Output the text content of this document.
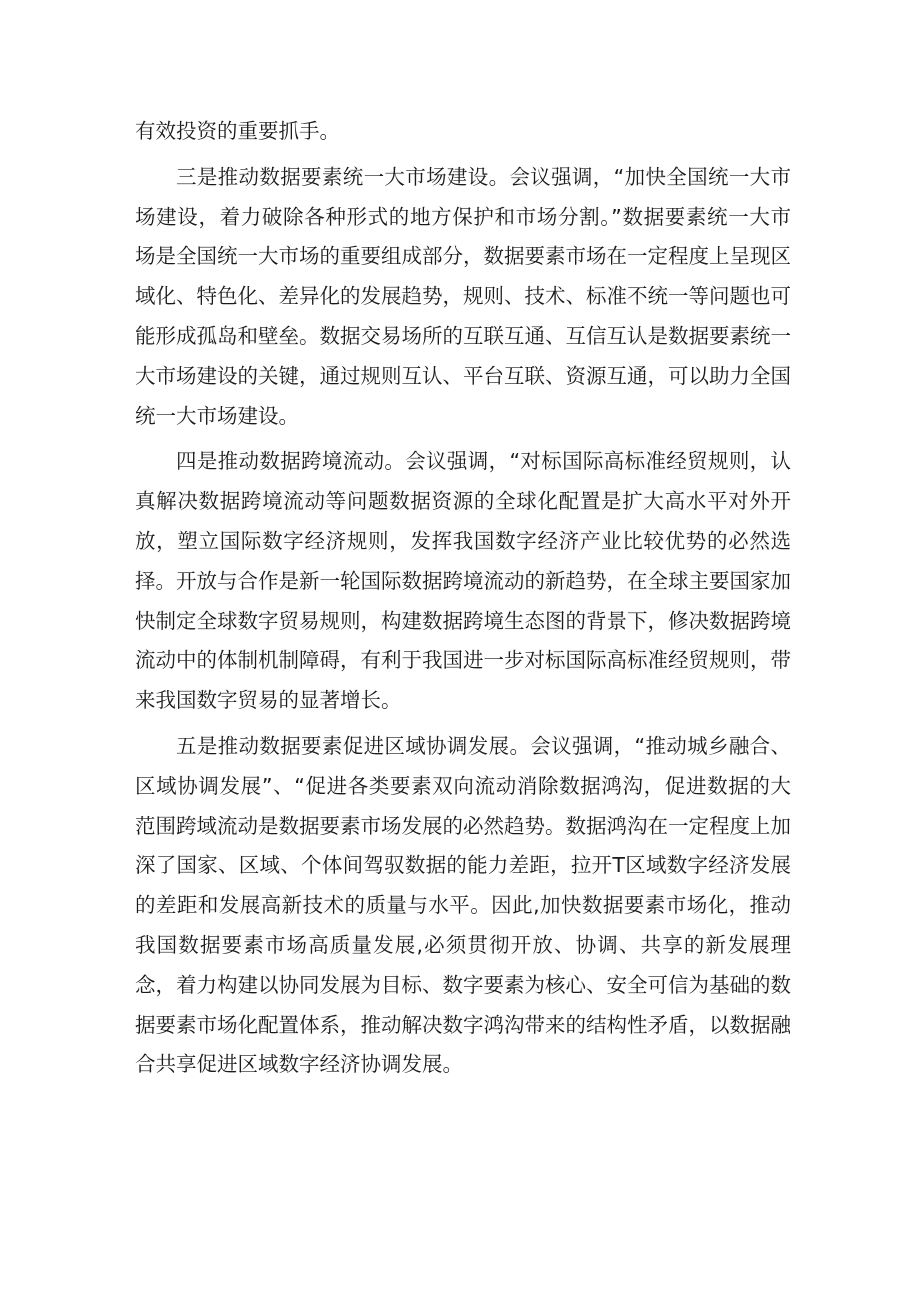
有效投资的重要抓手。

三是推动数据要素统一大市场建设。会议强调，“加快全国统一大市场建设，着力破除各种形式的地方保护和市场分割。”数据要素统一大市场是全国统一大市场的重要组成部分，数据要素市场在一定程度上呈现区域化、特色化、差异化的发展趋势，规则、技术、标准不统一等问题也可能形成孤岛和壁垒。数据交易场所的互联互通、互信互认是数据要素统一大市场建设的关键，通过规则互认、平台互联、资源互通，可以助力全国统一大市场建设。

四是推动数据跨境流动。会议强调，“对标国际高标准经贸规则，认真解决数据跨境流动等问题数据资源的全球化配置是扩大高水平对外开放，塑立国际数字经济规则，发挥我国数字经济产业比较优势的必然选择。开放与合作是新一轮国际数据跨境流动的新趋势，在全球主要国家加快制定全球数字贸易规则，构建数据跨境生态图的背景下，修决数据跨境流动中的体制机制障碍，有利于我国进一步对标国际高标准经贸规则，带来我国数字贸易的显著增长。

五是推动数据要素促进区域协调发展。会议强调，“推动城乡融合、区域协调发展”、“促进各类要素双向流动消除数据鸿沟，促进数据的大范围跨域流动是数据要素市场发展的必然趋势。数据鸿沟在一定程度上加深了国家、区域、个体间驾驭数据的能力差距，拉开T区域数字经济发展的差距和发展高新技术的质量与水平。因此,加快数据要素市场化，推动我国数据要素市场高质量发展,必须贯彻开放、协调、共享的新发展理念，着力构建以协同发展为目标、数字要素为核心、安全可信为基础的数据要素市场化配置体系，推动解决数字鸿沟带来的结构性矛盾，以数据融合共享促进区域数字经济协调发展。
